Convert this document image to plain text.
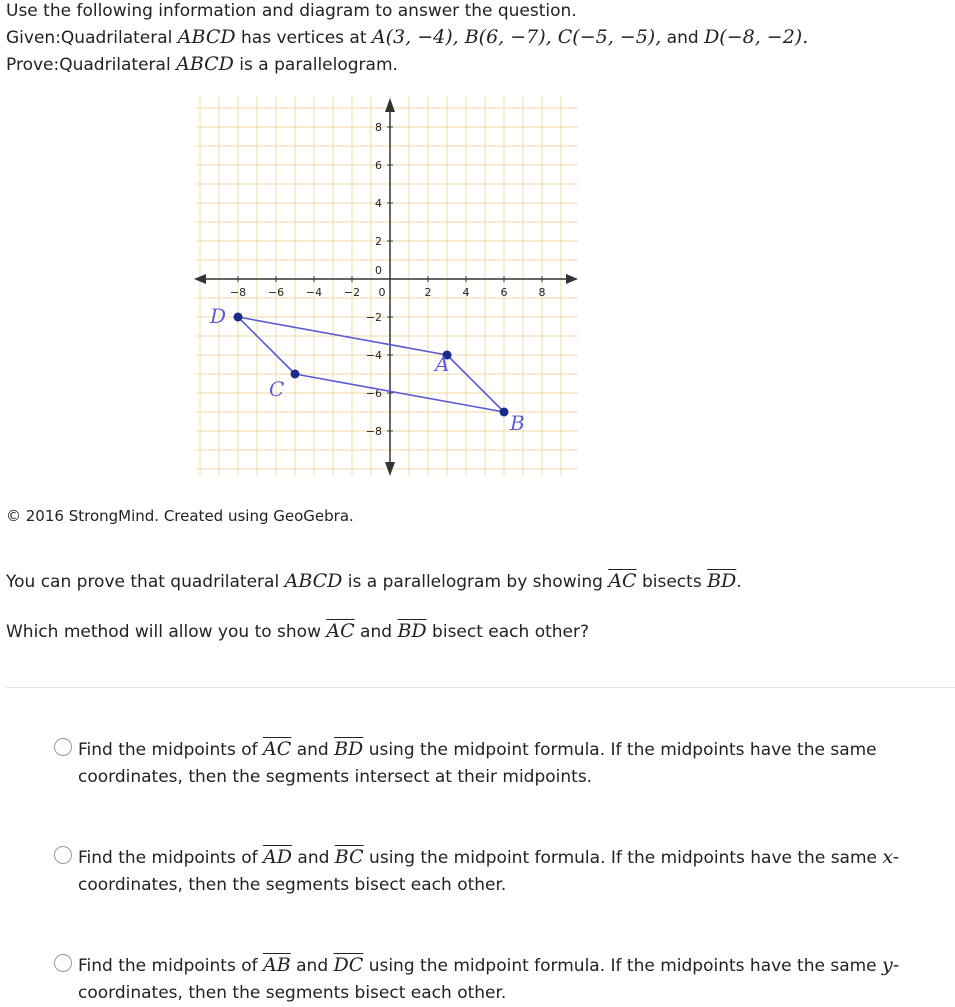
Use the following information and diagram to answer the question.
Given:Quadrilateral ABCD has vertices at A(3, −4), B(6, −7), C(−5, −5), and D(−8, −2).
Prove:Quadrilateral ABCD is a parallelogram.
−8 −6 −4 −2 0	2	4	6	8
8
6
4
2
0
−2
−4
−6
−8
A
B
C
D
© 2016 StrongMind. Created using GeoGebra.
You can prove that quadrilateral ABCD is a parallelogram by showing $\overline{AC}$ bisects $\overline{BD}$.
Which method will allow you to show $\overline{AC}$ and $\overline{BD}$ bisect each other?
Find the midpoints of $\overline{AC}$ and $\overline{BD}$ using the midpoint formula. If the midpoints have the same
coordinates, then the segments intersect at their midpoints.
Find the midpoints of $\overline{AD}$ and $\overline{BC}$ using the midpoint formula. If the midpoints have the same x-
coordinates, then the segments bisect each other.
Find the midpoints of $\overline{AB}$ and $\overline{DC}$ using the midpoint formula. If the midpoints have the same y-
coordinates, then the segments bisect each other.
